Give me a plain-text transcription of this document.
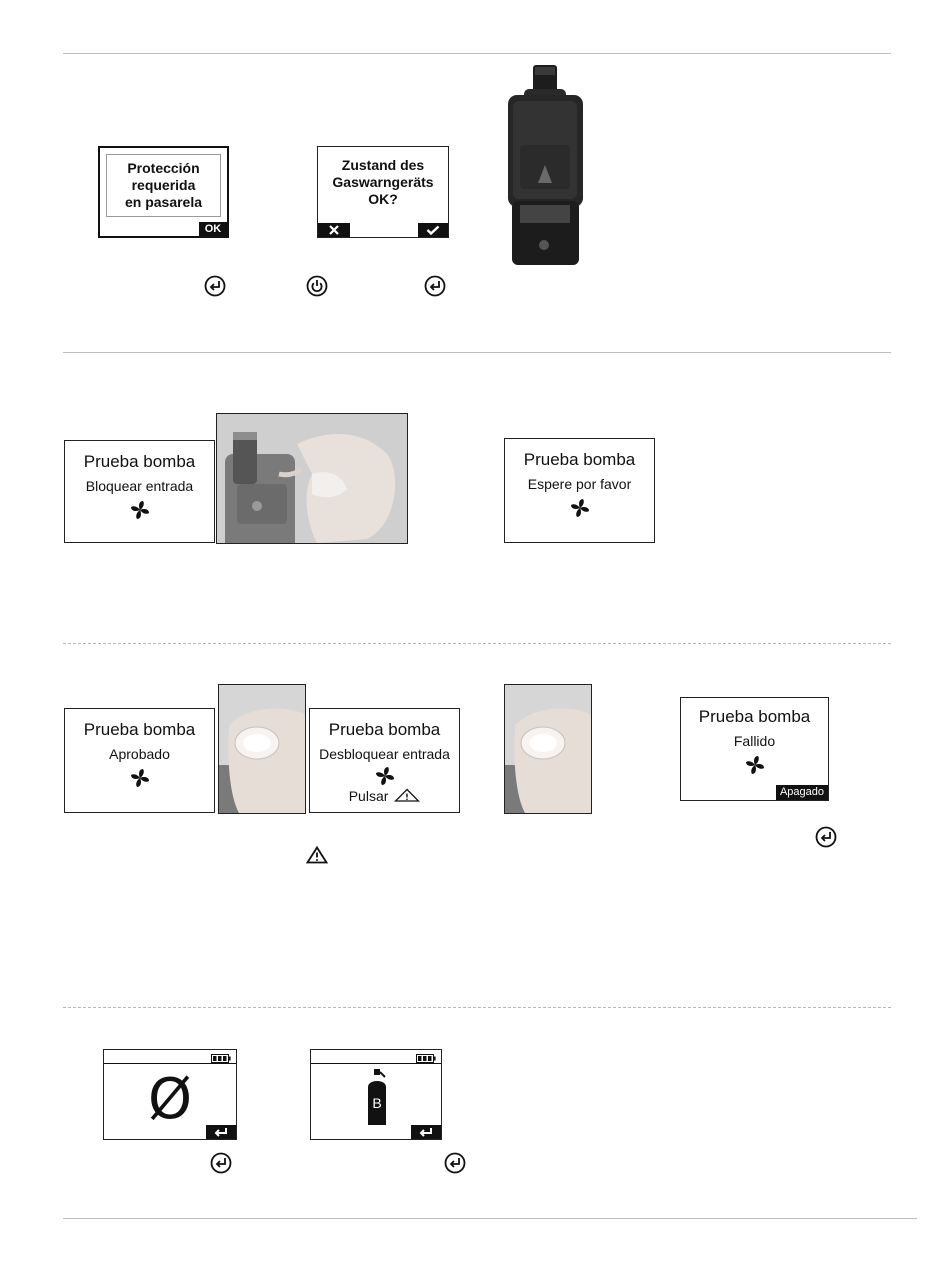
Protección
requerida
en pasarela
OK
Zustand des
Gaswarngeräts
OK?
Prueba bomba
Bloquear entrada
Prueba bomba
Espere por favor
Prueba bomba
Aprobado
Prueba bomba
Desbloquear entrada
Pulsar
Prueba bomba
Fallido
Apagado
Ø	B
